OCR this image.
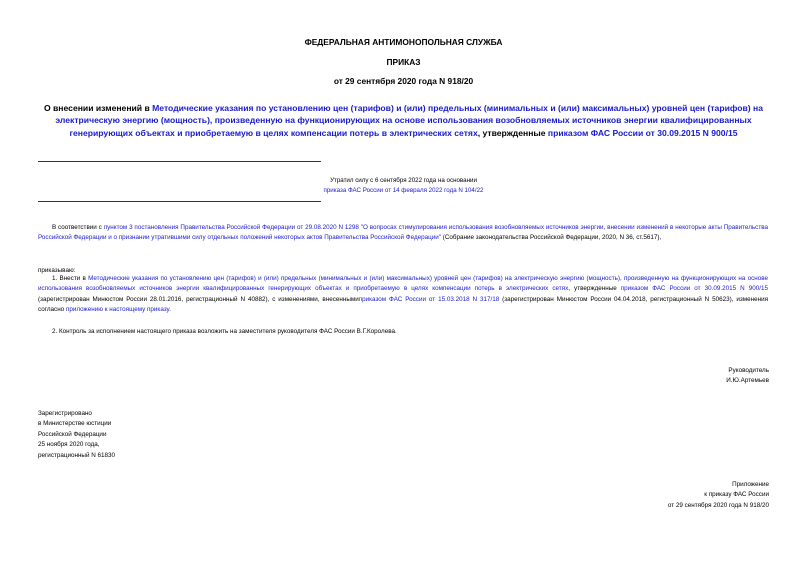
ФЕДЕРАЛЬНАЯ АНТИМОНОПОЛЬНАЯ СЛУЖБА
ПРИКАЗ
от 29 сентября 2020 года N 918/20
О внесении изменений в Методические указания по установлению цен (тарифов) и (или) предельных (минимальных и (или) максимальных) уровней цен (тарифов) на электрическую энергию (мощность), произведенную на функционирующих на основе использования возобновляемых источников энергии квалифицированных генерирующих объектах и приобретаемую в целях компенсации потерь в электрических сетях, утвержденные приказом ФАС России от 30.09.2015 N 900/15
Утратил силу с 6 сентября 2022 года на основании
приказа ФАС России от 14 февраля 2022 года N 104/22
В соответствии с пунктом 3 постановления Правительства Российской Федерации от 29.08.2020 N 1298 "О вопросах стимулирования использования возобновляемых источников энергии, внесении изменений в некоторые акты Правительства Российской Федерации и о признании утратившими силу отдельных положений некоторых актов Правительства Российской Федерации" (Собрание законодательства Российской Федерации, 2020, N 36, ст.5617),
приказываю:
1. Внести в Методические указания по установлению цен (тарифов) и (или) предельных (минимальных и (или) максимальных) уровней цен (тарифов) на электрическую энергию (мощность), произведенную на функционирующих на основе использования возобновляемых источников энергии квалифицированных генерирующих объектах и приобретаемую в целях компенсации потерь в электрических сетях, утвержденные приказом ФАС России от 30.09.2015 N 900/15 (зарегистрирован Минюстом России 28.01.2016, регистрационный N 40882), с изменениями, внесеннымиприказом ФАС России от 15.03.2018 N 317/18 (зарегистрирован Минюстом России 04.04.2018, регистрационный N 50623), изменения согласно приложению к настоящему приказу.
2. Контроль за исполнением настоящего приказа возложить на заместителя руководителя ФАС России В.Г.Королева.
Руководитель
И.Ю.Артемьев
Зарегистрировано
в Министерстве юстиции
Российской Федерации
25 ноября 2020 года,
регистрационный N 61830
Приложение
к приказу ФАС России
от 29 сентября 2020 года N 918/20
